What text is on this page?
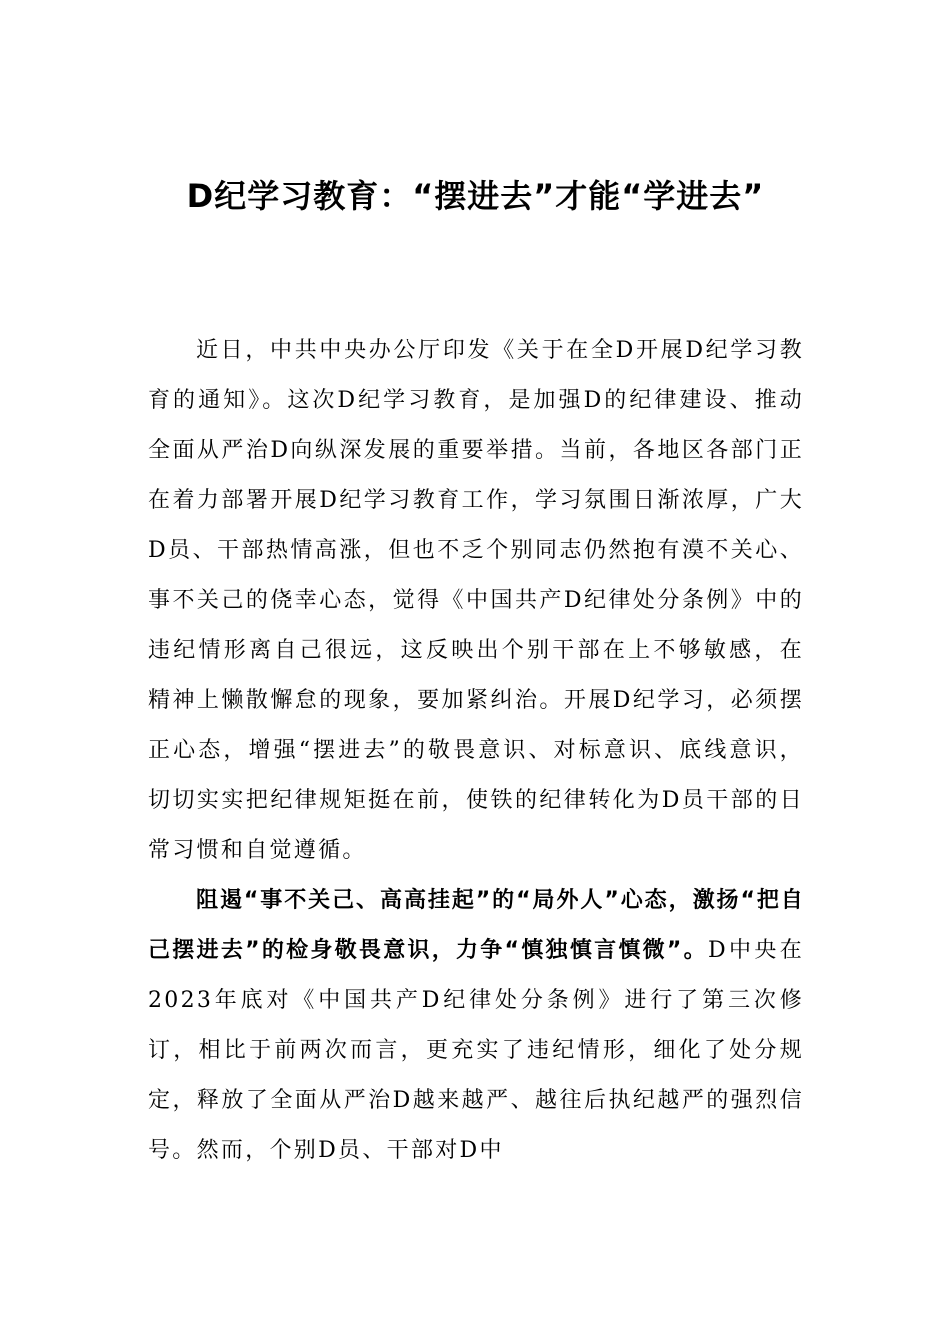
D纪学习教育：“摆进去”才能“学进去”

近日，中共中央办公厅印发《关于在全D开展D纪学习教育的通知》。这次D纪学习教育，是加强D的纪律建设、推动全面从严治D向纵深发展的重要举措。当前，各地区各部门正在着力部署开展D纪学习教育工作，学习氛围日渐浓厚，广大D员、干部热情高涨，但也不乏个别同志仍然抱有漠不关心、事不关己的侥幸心态，觉得《中国共产D纪律处分条例》中的违纪情形离自己很远，这反映出个别干部在上不够敏感，在精神上懒散懈怠的现象，要加紧纠治。开展D纪学习，必须摆正心态，增强“摆进去”的敬畏意识、对标意识、底线意识，切切实实把纪律规矩挺在前，使铁的纪律转化为D员干部的日常习惯和自觉遵循。

阻遏“事不关己、高高挂起”的“局外人”心态，激扬“把自己摆进去”的检身敬畏意识，力争“慎独慎言慎微”。D中央在2023年底对《中国共产D纪律处分条例》进行了第三次修订，相比于前两次而言，更充实了违纪情形，细化了处分规定，释放了全面从严治D越来越严、越往后执纪越严的强烈信号。然而，个别D员、干部对D中
